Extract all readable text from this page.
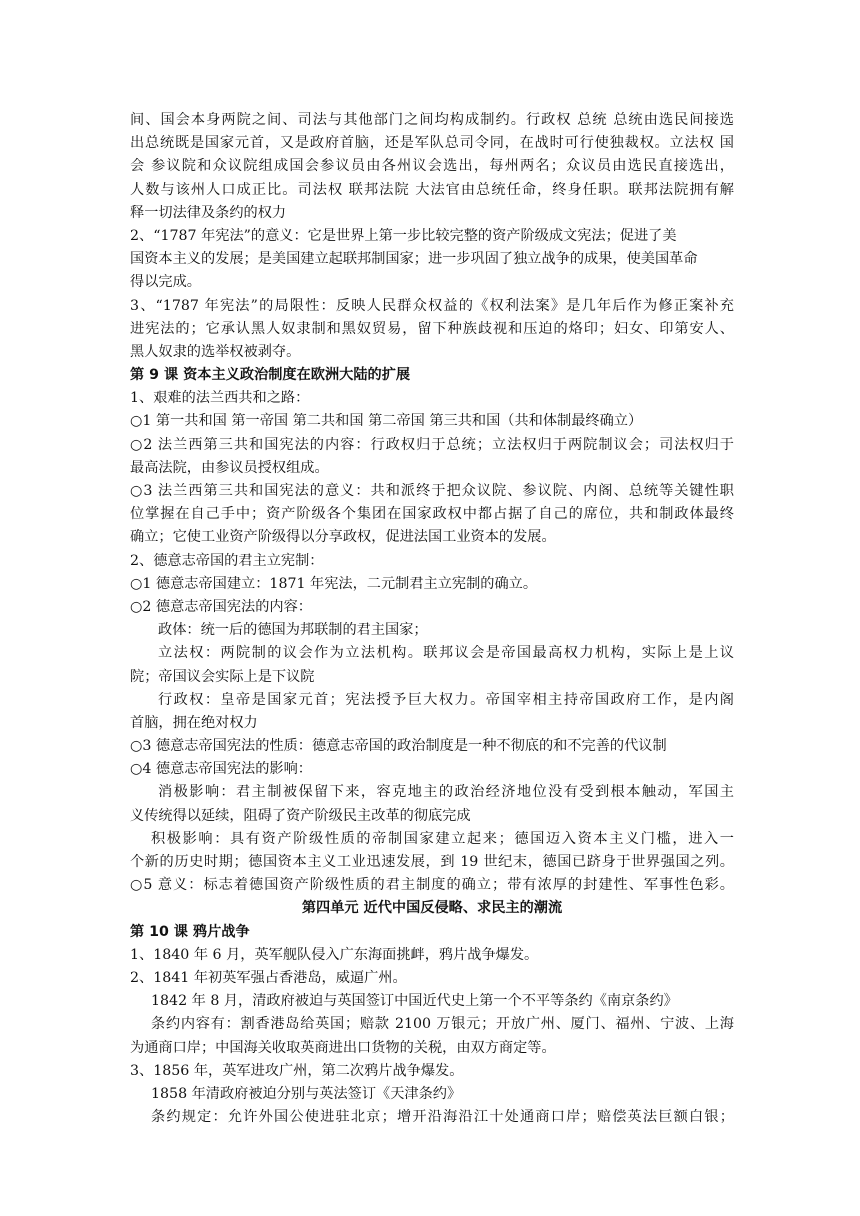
间、国会本身两院之间、司法与其他部门之间均构成制约。行政权 总统 总统由选民间接选
出总统既是国家元首，又是政府首脑，还是军队总司令同，在战时可行使独裁权。立法权 国
会 参议院和众议院组成国会参议员由各州议会选出，每州两名；众议员由选民直接选出，
人数与该州人口成正比。司法权 联邦法院 大法官由总统任命，终身任职。联邦法院拥有解
释一切法律及条约的权力
2、“1787 年宪法”的意义：它是世界上第一步比较完整的资产阶级成文宪法；促进了美
国资本主义的发展；是美国建立起联邦制国家；进一步巩固了独立战争的成果，使美国革命
得以完成。
3、“1787 年宪法”的局限性：反映人民群众权益的《权利法案》是几年后作为修正案补充
进宪法的；它承认黑人奴隶制和黑奴贸易，留下种族歧视和压迫的烙印；妇女、印第安人、
黑人奴隶的选举权被剥夺。
第 9 课 资本主义政治制度在欧洲大陆的扩展
1、艰难的法兰西共和之路：
○1 第一共和国 第一帝国 第二共和国 第二帝国 第三共和国（共和体制最终确立）
○2 法兰西第三共和国宪法的内容：行政权归于总统；立法权归于两院制议会；司法权归于
最高法院，由参议员授权组成。
○3 法兰西第三共和国宪法的意义：共和派终于把众议院、参议院、内阁、总统等关键性职
位掌握在自己手中；资产阶级各个集团在国家政权中都占据了自己的席位，共和制政体最终
确立；它使工业资产阶级得以分享政权，促进法国工业资本的发展。
2、德意志帝国的君主立宪制：
○1 德意志帝国建立：1871 年宪法，二元制君主立宪制的确立。
○2 德意志帝国宪法的内容：
政体：统一后的德国为邦联制的君主国家；
立法权：两院制的议会作为立法机构。联邦议会是帝国最高权力机构，实际上是上议
院；帝国议会实际上是下议院
行政权：皇帝是国家元首；宪法授予巨大权力。帝国宰相主持帝国政府工作，是内阁
首脑，拥在绝对权力
○3 德意志帝国宪法的性质：德意志帝国的政治制度是一种不彻底的和不完善的代议制
○4 德意志帝国宪法的影响：
消极影响：君主制被保留下来，容克地主的政治经济地位没有受到根本触动，军国主
义传统得以延续，阻碍了资产阶级民主改革的彻底完成
积极影响：具有资产阶级性质的帝制国家建立起来；德国迈入资本主义门槛，进入一
个新的历史时期；德国资本主义工业迅速发展，到 19 世纪末，德国已跻身于世界强国之列。
○5 意义：标志着德国资产阶级性质的君主制度的确立；带有浓厚的封建性、军事性色彩。
第四单元 近代中国反侵略、求民主的潮流
第 10 课 鸦片战争
1、1840 年 6 月，英军舰队侵入广东海面挑衅，鸦片战争爆发。
2、1841 年初英军强占香港岛，威逼广州。
1842 年 8 月，清政府被迫与英国签订中国近代史上第一个不平等条约《南京条约》
条约内容有：割香港岛给英国；赔款 2100 万银元；开放广州、厦门、福州、宁波、上海
为通商口岸；中国海关收取英商进出口货物的关税，由双方商定等。
3、1856 年，英军进攻广州，第二次鸦片战争爆发。
1858 年清政府被迫分别与英法签订《天津条约》
条约规定：允许外国公使进驻北京；增开沿海沿江十处通商口岸；赔偿英法巨额白银；
